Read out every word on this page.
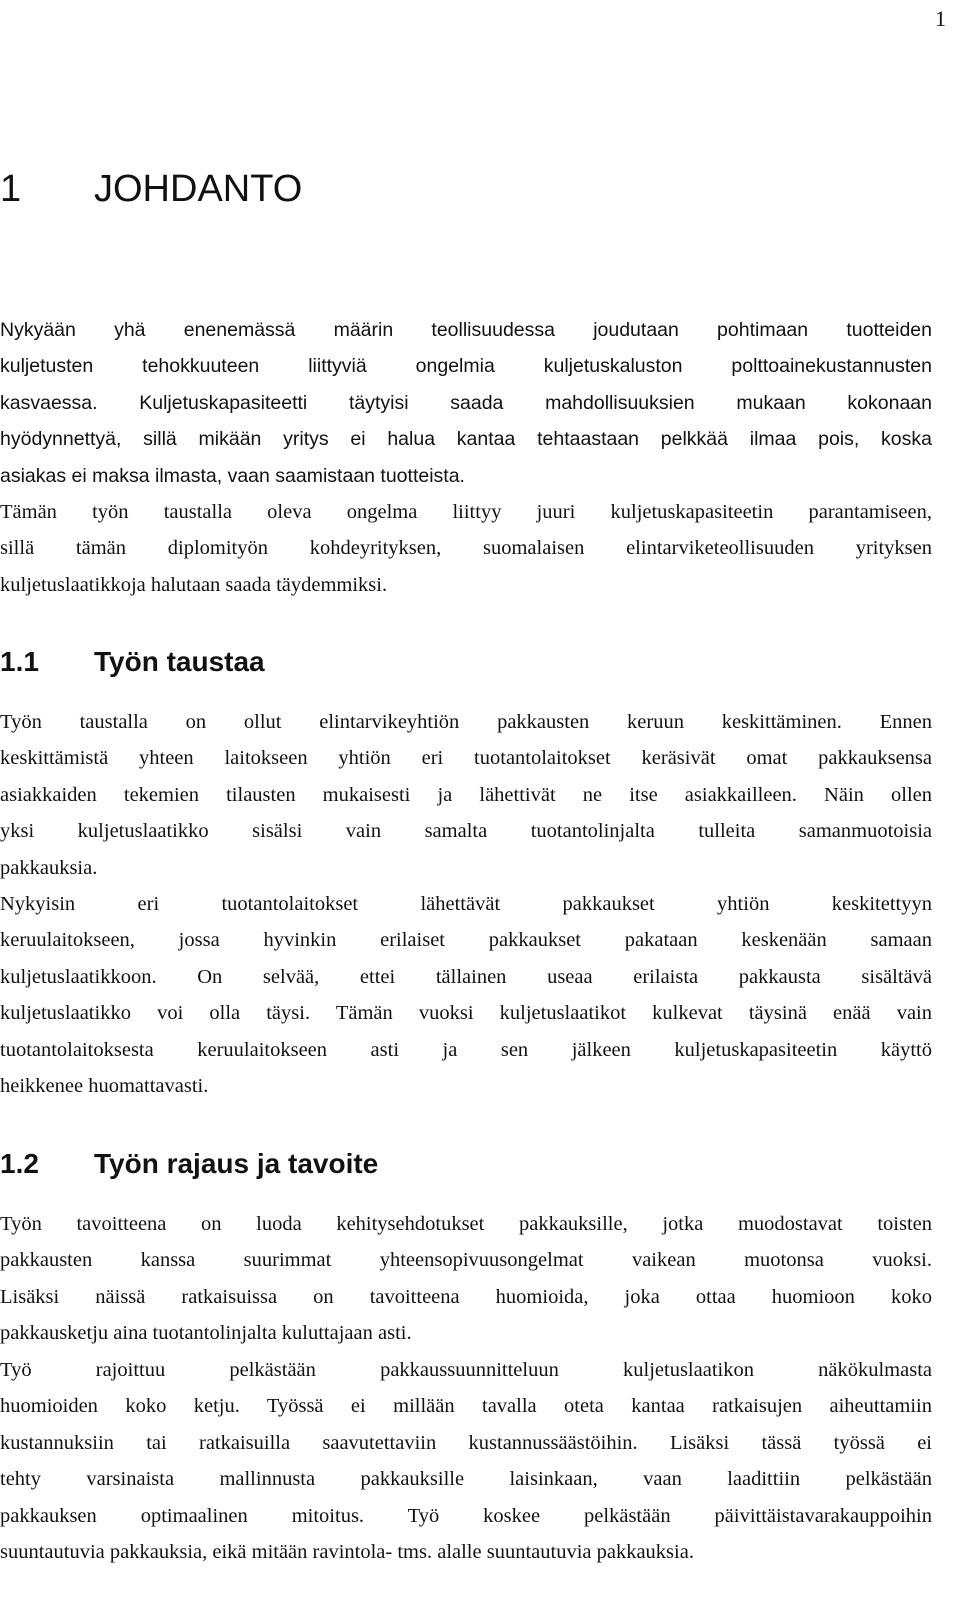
1
1 JOHDANTO
Nykyään yhä enenemässä määrin teollisuudessa joudutaan pohtimaan tuotteiden
kuljetusten tehokkuuteen liittyviä ongelmia kuljetuskaluston polttoainekustannusten
kasvaessa. Kuljetuskapasiteetti täytyisi saada mahdollisuuksien mukaan kokonaan
hyödynnettyä, sillä mikään yritys ei halua kantaa tehtaastaan pelkkää ilmaa pois, koska
asiakas ei maksa ilmasta, vaan saamistaan tuotteista.
Tämän työn taustalla oleva ongelma liittyy juuri kuljetuskapasiteetin parantamiseen,
sillä tämän diplomityön kohdeyrityksen, suomalaisen elintarviketeollisuuden yrityksen
kuljetuslaatikkoja halutaan saada täydemmiksi.
1.1 Työn taustaa
Työn taustalla on ollut elintarvikeyhtiön pakkausten keruun keskittäminen. Ennen
keskittämistä yhteen laitokseen yhtiön eri tuotantolaitokset keräsivät omat pakkauksensa
asiakkaiden tekemien tilausten mukaisesti ja lähettivät ne itse asiakkailleen. Näin ollen
yksi kuljetuslaatikko sisälsi vain samalta tuotantolinjalta tulleita samanmuotoisia
pakkauksia.
Nykyisin eri tuotantolaitokset lähettävät pakkaukset yhtiön keskitettyyn
keruulaitokseen, jossa hyvinkin erilaiset pakkaukset pakataan keskenään samaan
kuljetuslaatikkoon. On selvää, ettei tällainen useaa erilaista pakkausta sisältävä
kuljetuslaatikko voi olla täysi. Tämän vuoksi kuljetuslaatikot kulkevat täysinä enää vain
tuotantolaitoksesta keruulaitokseen asti ja sen jälkeen kuljetuskapasiteetin käyttö
heikkenee huomattavasti.
1.2 Työn rajaus ja tavoite
Työn tavoitteena on luoda kehitysehdotukset pakkauksille, jotka muodostavat toisten
pakkausten kanssa suurimmat yhteensopivuusongelmat vaikean muotonsa vuoksi.
Lisäksi näissä ratkaisuissa on tavoitteena huomioida, joka ottaa huomioon koko
pakkausketju aina tuotantolinjalta kuluttajaan asti.
Työ rajoittuu pelkästään pakkaussuunnitteluun kuljetuslaatikon näkökulmasta
huomioiden koko ketju. Työssä ei millään tavalla oteta kantaa ratkaisujen aiheuttamiin
kustannuksiin tai ratkaisuilla saavutettaviin kustannussäästöihin. Lisäksi tässä työssä ei
tehty varsinaista mallinnusta pakkauksille laisinkaan, vaan laadittiin pelkästään
pakkauksen optimaalinen mitoitus. Työ koskee pelkästään päivittäistavarakauppoihin
suuntautuvia pakkauksia, eikä mitään ravintola- tms. alalle suuntautuvia pakkauksia.
